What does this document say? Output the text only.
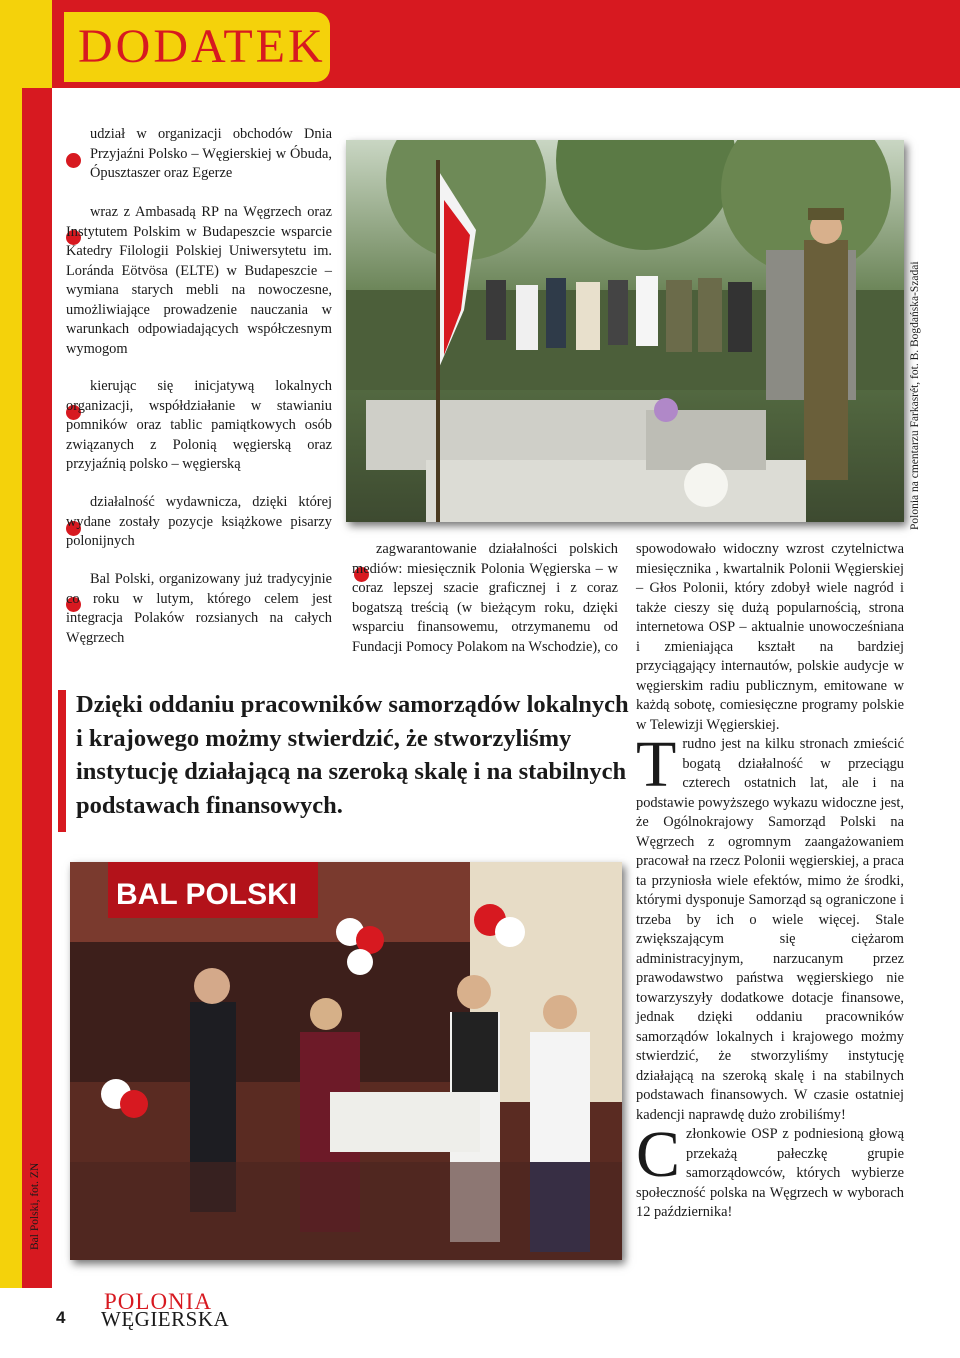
DODATEK
udział w organizacji obchodów Dnia Przyjaźni Polsko – Węgierskiej w Óbuda, Ópusztaszer oraz Egerze
wraz z Ambasadą RP na Węgrzech oraz Instytutem Polskim w Budapeszcie wsparcie Katedry Filologii Polskiej Uniwersytetu im. Loránda Eötvösa (ELTE) w Budapeszcie – wymiana starych mebli na nowoczesne, umożliwiające prowadzenie nauczania w warunkach odpowiadających współczesnym wymogom
kierując się inicjatywą lokalnych organizacji, współdziałanie w stawianiu pomników oraz tablic pamiątkowych osób związanych z Polonią węgierską oraz przyjaźnią polsko – węgierską
działalność wydawnicza, dzięki której wydane zostały pozycje książkowe pisarzy polonijnych
Bal Polski, organizowany już tradycyjnie co roku w lutym, którego celem jest integracja Polaków rozsianych na całych Węgrzech
Polonia na cmentarzu Farkasrét, fot. B. Bogdańska-Szadai
zagwarantowanie działalności polskich mediów: miesięcznik Polonia Węgierska – w coraz lepszej szacie graficznej i z coraz bogatszą treścią (w bieżącym roku, dzięki wsparciu finansowemu, otrzymanemu od Fundacji Pomocy Polakom na Wschodzie), co
Dzięki oddaniu pracowników samorządów lokalnych i krajowego możmy stwierdzić, że stworzyliśmy instytucję działającą na szeroką skalę i na stabilnych podstawach finansowych.
BAL POLSKI
Bal Polski, fot. ZN
spowodowało widoczny wzrost czytelnictwa miesięcznika , kwartalnik Polonii Węgierskiej – Głos Polonii, który zdobył wiele nagród i także cieszy się dużą popularnością, strona internetowa OSP – aktualnie unowocześniana i zmieniająca kształt na bardziej przyciągający internautów, polskie audycje w węgierskim radiu publicznym, emitowane w każdą sobotę, comiesięczne programy polskie w Telewizji Węgierskiej.
Trudno jest na kilku stronach zmieścić bogatą działalność w przeciągu czterech ostatnich lat, ale i na podstawie powyższego wykazu widoczne jest, że Ogólnokrajowy Samorząd Polski na Węgrzech z ogromnym zaangażowaniem pracował na rzecz Polonii węgierskiej, a praca ta przyniosła wiele efektów, mimo że środki, którymi dysponuje Samorząd są ograniczone i trzeba by ich o wiele więcej. Stale zwiększającym się ciężarom administracyjnym, narzucanym przez prawodawstwo państwa węgierskiego nie towarzyszyły dodatkowe dotacje finansowe, jednak dzięki oddaniu pracowników samorządów lokalnych i krajowego możmy stwierdzić, że stworzyliśmy instytucję działającą na szeroką skalę i na stabilnych podstawach finansowych. W czasie ostatniej kadencji naprawdę dużo zrobiliśmy!
Członkowie OSP z podniesioną głową przekażą pałeczkę grupie samorządowców, których wybierze społeczność polska na Węgrzech w wyborach 12 października!
4
POLONIA
WĘGIERSKA
